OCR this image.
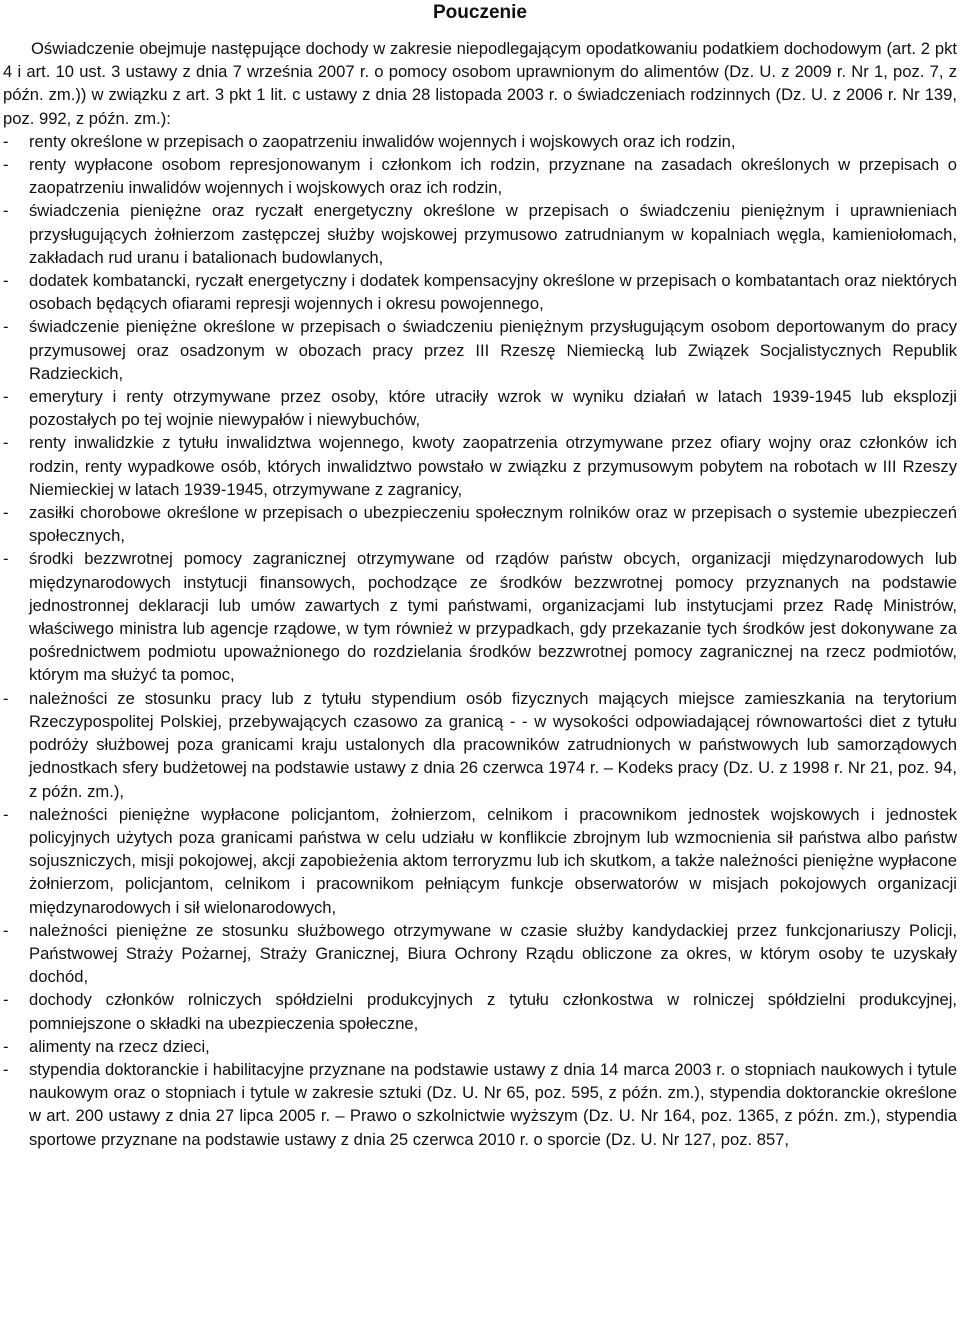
Pouczenie

Oświadczenie obejmuje następujące dochody w zakresie niepodlegającym opodatkowaniu podatkiem dochodowym (art. 2 pkt 4 i art. 10 ust. 3 ustawy z dnia 7 września 2007 r. o pomocy osobom uprawnionym do alimentów (Dz. U. z 2009 r. Nr 1, poz. 7, z późn. zm.)) w związku z art. 3 pkt 1 lit. c ustawy z dnia 28 listopada 2003 r. o świadczeniach rodzinnych (Dz. U. z 2006 r. Nr 139, poz. 992, z późn. zm.):

- renty określone w przepisach o zaopatrzeniu inwalidów wojennych i wojskowych oraz ich rodzin,
- renty wypłacone osobom represjonowanym i członkom ich rodzin, przyznane na zasadach określonych w przepisach o zaopatrzeniu inwalidów wojennych i wojskowych oraz ich rodzin,
- świadczenia pieniężne oraz ryczałt energetyczny określone w przepisach o świadczeniu pieniężnym i uprawnieniach przysługujących żołnierzom zastępczej służby wojskowej przymusowo zatrudnianym w kopalniach węgla, kamieniołomach, zakładach rud uranu i batalionach budowlanych,
- dodatek kombatancki, ryczałt energetyczny i dodatek kompensacyjny określone w przepisach o kombatantach oraz niektórych osobach będących ofiarami represji wojennych i okresu powojennego,
- świadczenie pieniężne określone w przepisach o świadczeniu pieniężnym przysługującym osobom deportowanym do pracy przymusowej oraz osadzonym w obozach pracy przez III Rzeszę Niemiecką lub Związek Socjalistycznych Republik Radzieckich,
- emerytury i renty otrzymywane przez osoby, które utraciły wzrok w wyniku działań w latach 1939-1945 lub eksplozji pozostałych po tej wojnie niewypałów i niewybuchów,
- renty inwalidzkie z tytułu inwalidztwa wojennego, kwoty zaopatrzenia otrzymywane przez ofiary wojny oraz członków ich rodzin, renty wypadkowe osób, których inwalidztwo powstało w związku z przymusowym pobytem na robotach w III Rzeszy Niemieckiej w latach 1939-1945, otrzymywane z zagranicy,
- zasiłki chorobowe określone w przepisach o ubezpieczeniu społecznym rolników oraz w przepisach o systemie ubezpieczeń społecznych,
- środki bezzwrotnej pomocy zagranicznej otrzymywane od rządów państw obcych, organizacji międzynarodowych lub międzynarodowych instytucji finansowych, pochodzące ze środków bezzwrotnej pomocy przyznanych na podstawie jednostronnej deklaracji lub umów zawartych z tymi państwami, organizacjami lub instytucjami przez Radę Ministrów, właściwego ministra lub agencje rządowe, w tym również w przypadkach, gdy przekazanie tych środków jest dokonywane za pośrednictwem podmiotu upoważnionego do rozdzielania środków bezzwrotnej pomocy zagranicznej na rzecz podmiotów, którym ma służyć ta pomoc,
- należności ze stosunku pracy lub z tytułu stypendium osób fizycznych mających miejsce zamieszkania na terytorium Rzeczypospolitej Polskiej, przebywających czasowo za granicą - - w wysokości odpowiadającej równowartości diet z tytułu podróży służbowej poza granicami kraju ustalonych dla pracowników zatrudnionych w państwowych lub samorządowych jednostkach sfery budżetowej na podstawie ustawy z dnia 26 czerwca 1974 r. – Kodeks pracy (Dz. U. z 1998 r. Nr 21, poz. 94, z późn. zm.),
- należności pieniężne wypłacone policjantom, żołnierzom, celnikom i pracownikom jednostek wojskowych i jednostek policyjnych użytych poza granicami państwa w celu udziału w konflikcie zbrojnym lub wzmocnienia sił państwa albo państw sojuszniczych, misji pokojowej, akcji zapobieżenia aktom terroryzmu lub ich skutkom, a także należności pieniężne wypłacone żołnierzom, policjantom, celnikom i pracownikom pełniącym funkcje obserwatorów w misjach pokojowych organizacji międzynarodowych i sił wielonarodowych,
- należności pieniężne ze stosunku służbowego otrzymywane w czasie służby kandydackiej przez funkcjonariuszy Policji, Państwowej Straży Pożarnej, Straży Granicznej, Biura Ochrony Rządu obliczone za okres, w którym osoby te uzyskały dochód,
- dochody członków rolniczych spółdzielni produkcyjnych z tytułu członkostwa w rolniczej spółdzielni produkcyjnej, pomniejszone o składki na ubezpieczenia społeczne,
- alimenty na rzecz dzieci,
- stypendia doktoranckie i habilitacyjne przyznane na podstawie ustawy z dnia 14 marca 2003 r. o stopniach naukowych i tytule naukowym oraz o stopniach i tytule w zakresie sztuki (Dz. U. Nr 65, poz. 595, z późn. zm.), stypendia doktoranckie określone w art. 200 ustawy z dnia 27 lipca 2005 r. – Prawo o szkolnictwie wyższym (Dz. U. Nr 164, poz. 1365, z późn. zm.), stypendia sportowe przyznane na podstawie ustawy z dnia 25 czerwca 2010 r. o sporcie (Dz. U. Nr 127, poz. 857,
